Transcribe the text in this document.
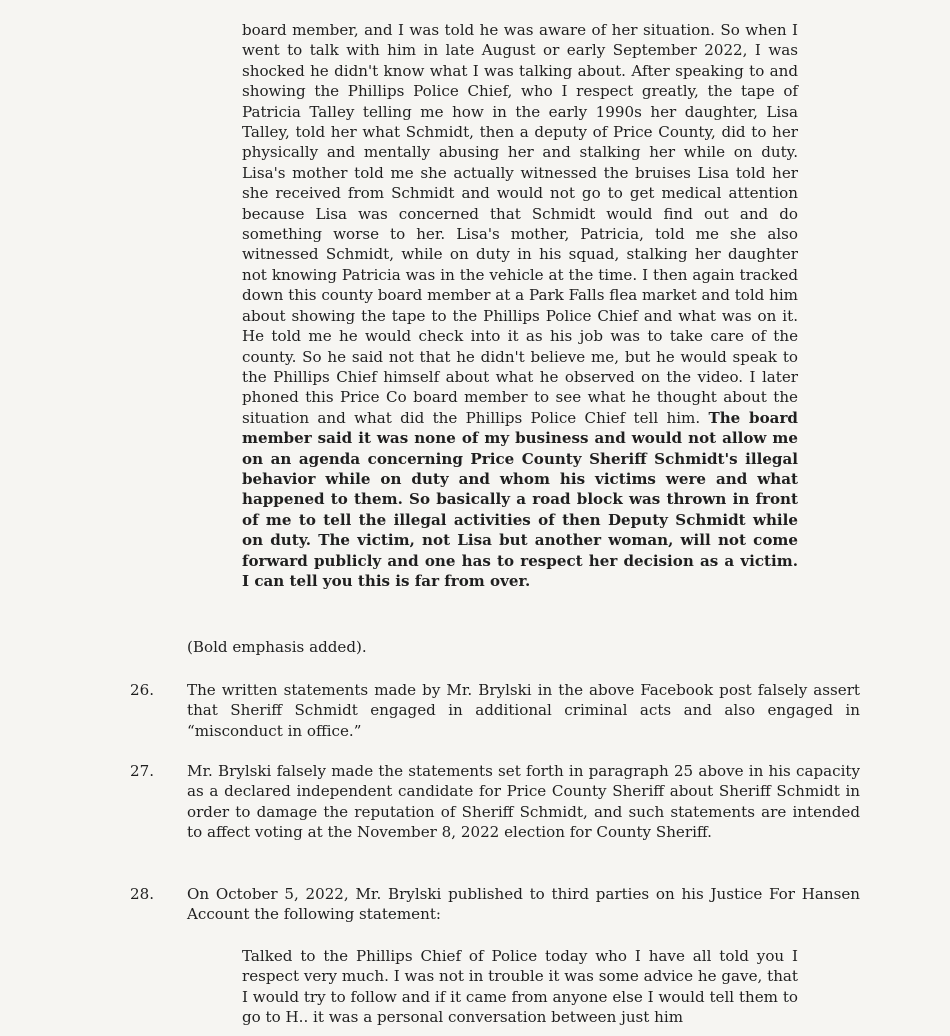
board member, and I was told he was aware of her situation. So when I went to talk with him in late August or early September 2022, I was shocked he didn't know what I was talking about. After speaking to and showing the Phillips Police Chief, who I respect greatly, the tape of Patricia Talley telling me how in the early 1990s her daughter, Lisa Talley, told her what Schmidt, then a deputy of Price County, did to her physically and mentally abusing her and stalking her while on duty. Lisa's mother told me she actually witnessed the bruises Lisa told her she received from Schmidt and would not go to get medical attention because Lisa was concerned that Schmidt would find out and do something worse to her. Lisa's mother, Patricia, told me she also witnessed Schmidt, while on duty in his squad, stalking her daughter not knowing Patricia was in the vehicle at the time. I then again tracked down this county board member at a Park Falls flea market and told him about showing the tape to the Phillips Police Chief and what was on it. He told me he would check into it as his job was to take care of the county. So he said not that he didn't believe me, but he would speak to the Phillips Chief himself about what he observed on the video. I later phoned this Price Co board member to see what he thought about the situation and what did the Phillips Police Chief tell him. The board member said it was none of my business and would not allow me on an agenda concerning Price County Sheriff Schmidt's illegal behavior while on duty and whom his victims were and what happened to them. So basically a road block was thrown in front of me to tell the illegal activities of then Deputy Schmidt while on duty. The victim, not Lisa but another woman, will not come forward publicly and one has to respect her decision as a victim. I can tell you this is far from over.
(Bold emphasis added).
26.	The written statements made by Mr. Brylski in the above Facebook post falsely assert that Sheriff Schmidt engaged in additional criminal acts and also engaged in “misconduct in office.”
27.	Mr. Brylski falsely made the statements set forth in paragraph 25 above in his capacity as a declared independent candidate for Price County Sheriff about Sheriff Schmidt in order to damage the reputation of Sheriff Schmidt, and such statements are intended to affect voting at the November 8, 2022 election for County Sheriff.
28.	On October 5, 2022, Mr. Brylski published to third parties on his Justice For Hansen Account the following statement:
Talked to the Phillips Chief of Police today who I have all told you I respect very much. I was not in trouble it was some advice he gave, that I would try to follow and if it came from anyone else I would tell them to go to H.. it was a personal conversation between just him
